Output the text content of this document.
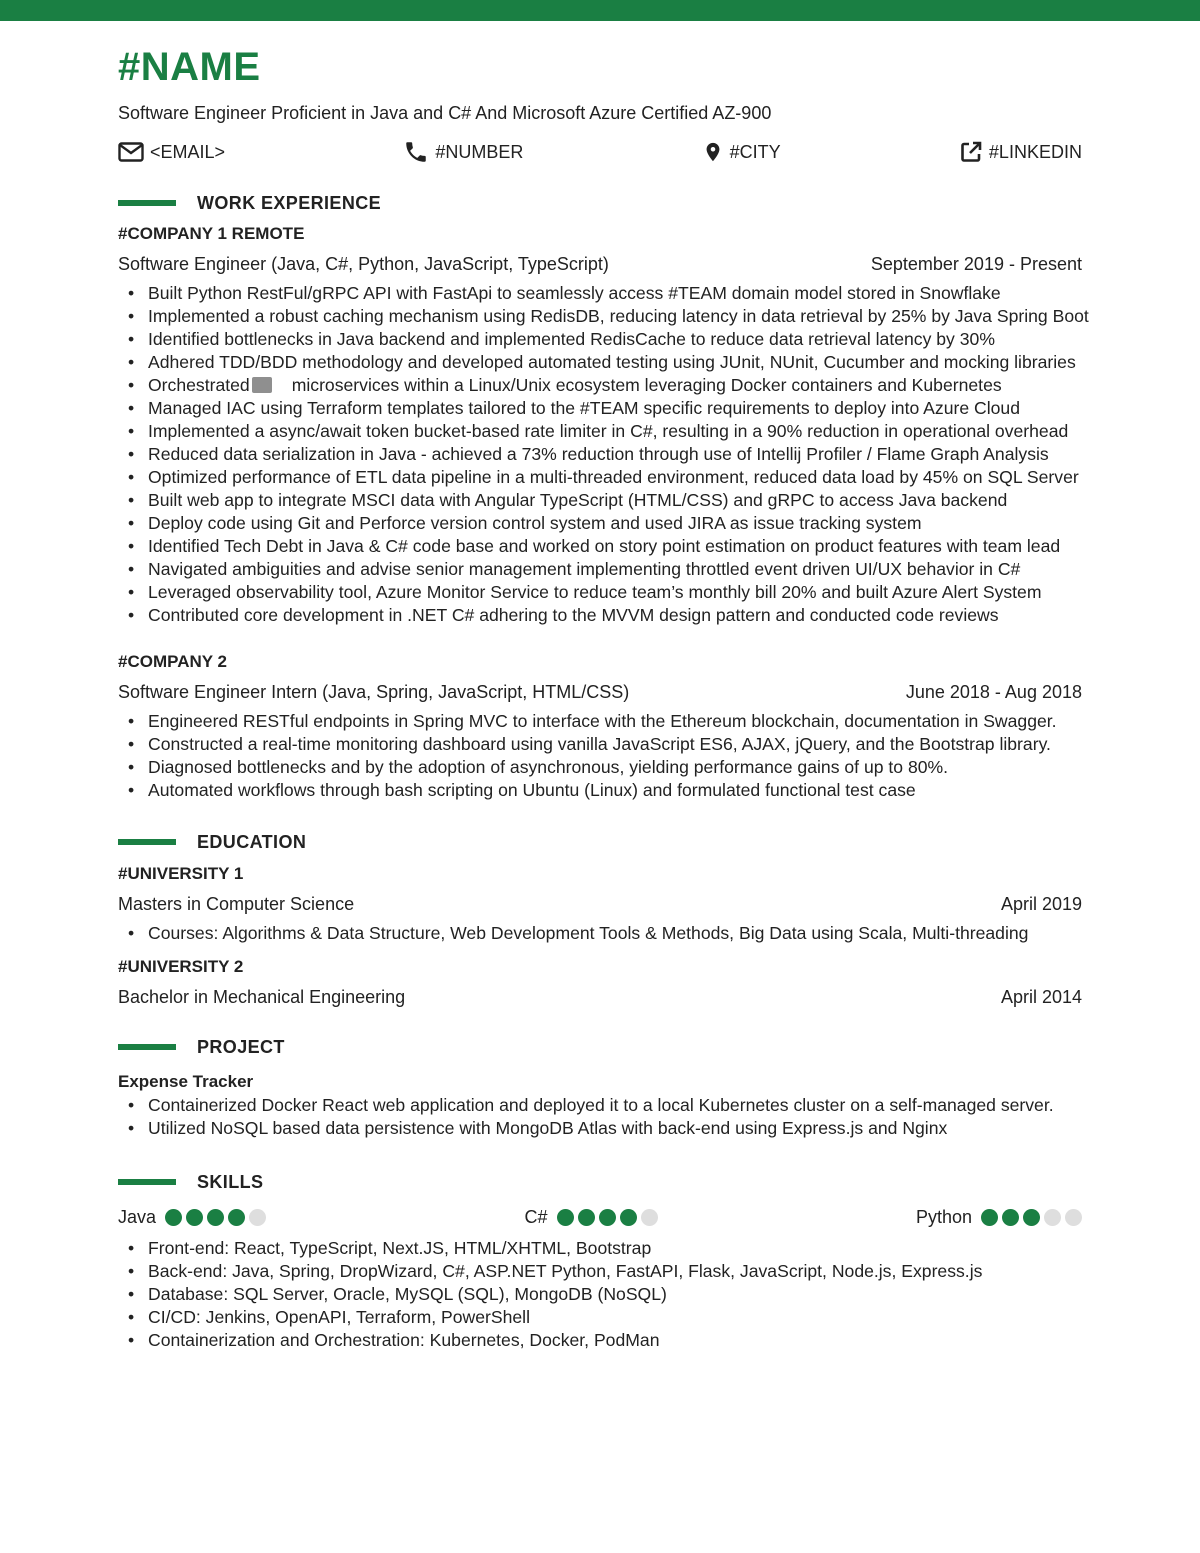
#NAME
Software Engineer Proficient in Java and C# And Microsoft Azure Certified AZ-900
<EMAIL>	#NUMBER	#CITY	#LINKEDIN
WORK EXPERIENCE
#COMPANY 1 REMOTE
Software Engineer (Java, C#, Python, JavaScript, TypeScript)	September 2019 - Present
• Built Python RestFul/gRPC API with FastApi to seamlessly access #TEAM domain model stored in Snowflake
• Implemented a robust caching mechanism using RedisDB, reducing latency in data retrieval by 25% by Java Spring Boot
• Identified bottlenecks in Java backend and implemented RedisCache to reduce data retrieval latency by 30%
• Adhered TDD/BDD methodology and developed automated testing using JUnit, NUnit, Cucumber and mocking libraries
• Orchestrated microservices within a Linux/Unix ecosystem leveraging Docker containers and Kubernetes
• Managed IAC using Terraform templates tailored to the #TEAM specific requirements to deploy into Azure Cloud
• Implemented a async/await token bucket-based rate limiter in C#, resulting in a 90% reduction in operational overhead
• Reduced data serialization in Java - achieved a 73% reduction through use of Intellij Profiler / Flame Graph Analysis
• Optimized performance of ETL data pipeline in a multi-threaded environment, reduced data load by 45% on SQL Server
• Built web app to integrate MSCI data with Angular TypeScript (HTML/CSS) and gRPC to access Java backend
• Deploy code using Git and Perforce version control system and used JIRA as issue tracking system
• Identified Tech Debt in Java & C# code base and worked on story point estimation on product features with team lead
• Navigated ambiguities and advise senior management implementing throttled event driven UI/UX behavior in C#
• Leveraged observability tool, Azure Monitor Service to reduce team’s monthly bill 20% and built Azure Alert System
• Contributed core development in .NET C# adhering to the MVVM design pattern and conducted code reviews
#COMPANY 2
Software Engineer Intern (Java, Spring, JavaScript, HTML/CSS)	June 2018 - Aug 2018
• Engineered RESTful endpoints in Spring MVC to interface with the Ethereum blockchain, documentation in Swagger.
• Constructed a real-time monitoring dashboard using vanilla JavaScript ES6, AJAX, jQuery, and the Bootstrap library.
• Diagnosed bottlenecks and by the adoption of asynchronous, yielding performance gains of up to 80%.
• Automated workflows through bash scripting on Ubuntu (Linux) and formulated functional test case
EDUCATION
#UNIVERSITY 1
Masters in Computer Science	April 2019
• Courses: Algorithms & Data Structure, Web Development Tools & Methods, Big Data using Scala, Multi-threading
#UNIVERSITY 2
Bachelor in Mechanical Engineering	April 2014
PROJECT
Expense Tracker
• Containerized Docker React web application and deployed it to a local Kubernetes cluster on a self-managed server.
• Utilized NoSQL based data persistence with MongoDB Atlas with back-end using Express.js and Nginx
SKILLS
Java	C#	Python
• Front-end: React, TypeScript, Next.JS, HTML/XHTML, Bootstrap
• Back-end: Java, Spring, DropWizard, C#, ASP.NET Python, FastAPI, Flask, JavaScript, Node.js, Express.js
• Database: SQL Server, Oracle, MySQL (SQL), MongoDB (NoSQL)
• CI/CD: Jenkins, OpenAPI, Terraform, PowerShell
• Containerization and Orchestration: Kubernetes, Docker, PodMan
